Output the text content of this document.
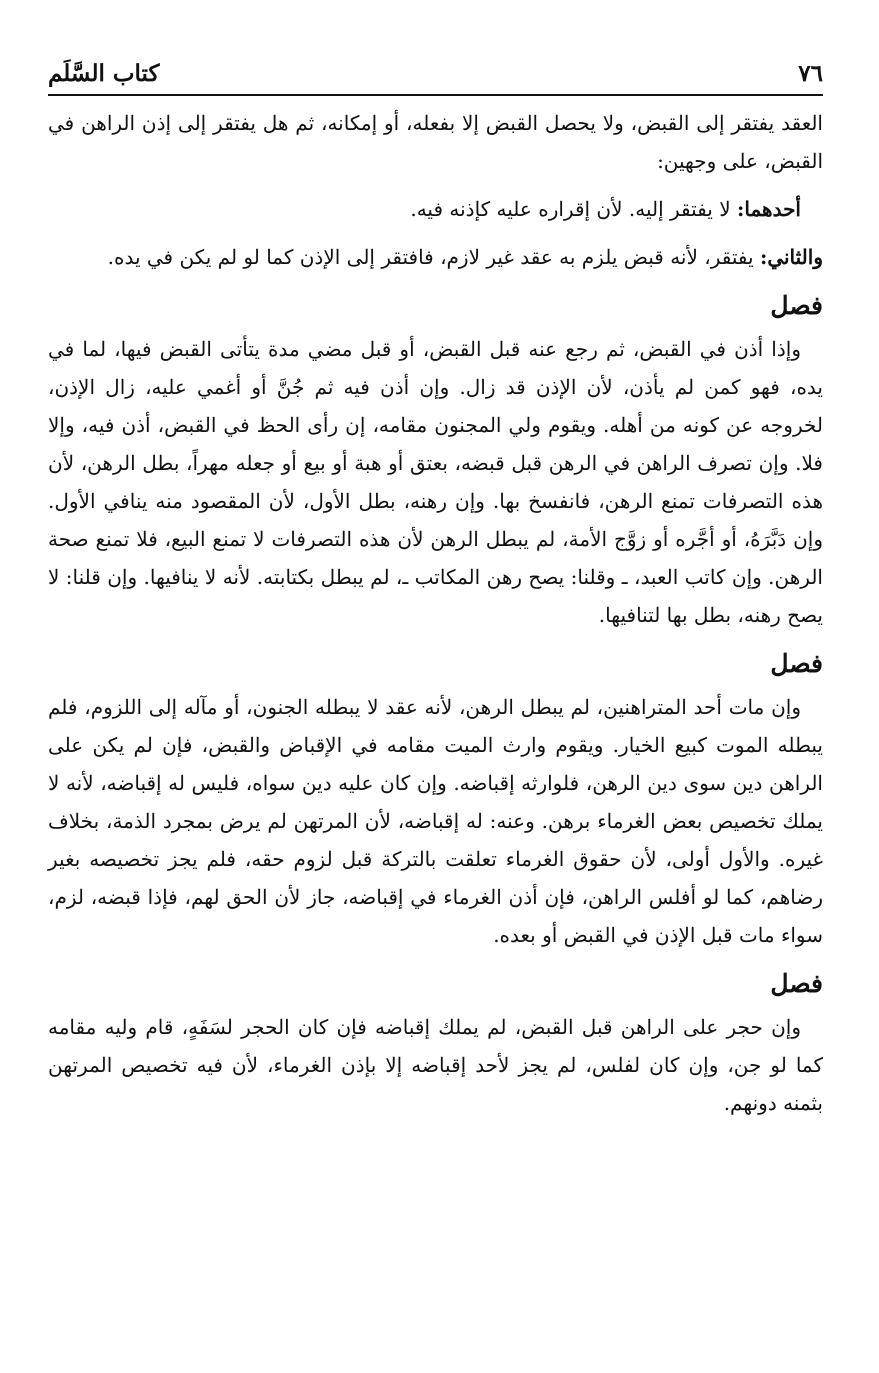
٧٦
كتاب السَّلَم

العقد يفتقر إلى القبض، ولا يحصل القبض إلا بفعله، أو إمكانه، ثم هل يفتقر إلى إذن الراهن في القبض، على وجهين:

أحدهما: لا يفتقر إليه. لأن إقراره عليه كإذنه فيه.

والثاني: يفتقر، لأنه قبض يلزم به عقد غير لازم، فافتقر إلى الإذن كما لو لم يكن في يده.

فصل

وإذا أذن في القبض، ثم رجع عنه قبل القبض، أو قبل مضي مدة يتأتى القبض فيها، لما في يده، فهو كمن لم يأذن، لأن الإذن قد زال. وإن أذن فيه ثم جُنَّ أو أغمي عليه، زال الإذن، لخروجه عن كونه من أهله. ويقوم ولي المجنون مقامه، إن رأى الحظ في القبض، أذن فيه، وإلا فلا. وإن تصرف الراهن في الرهن قبل قبضه، بعتق أو هبة أو بيع أو جعله مهراً، بطل الرهن، لأن هذه التصرفات تمنع الرهن، فانفسخ بها. وإن رهنه، بطل الأول، لأن المقصود منه ينافي الأول. وإن دَبَّرَهُ، أو أجَّره أو زوَّج الأمة، لم يبطل الرهن لأن هذه التصرفات لا تمنع البيع، فلا تمنع صحة الرهن. وإن كاتب العبد، ـ وقلنا: يصح رهن المكاتب ـ، لم يبطل بكتابته. لأنه لا ينافيها. وإن قلنا: لا يصح رهنه، بطل بها لتنافيها.

فصل

وإن مات أحد المتراهنين، لم يبطل الرهن، لأنه عقد لا يبطله الجنون، أو مآله إلى اللزوم، فلم يبطله الموت كبيع الخيار. ويقوم وارث الميت مقامه في الإقباض والقبض، فإن لم يكن على الراهن دين سوى دين الرهن، فلوارثه إقباضه. وإن كان عليه دين سواه، فليس له إقباضه، لأنه لا يملك تخصيص بعض الغرماء برهن. وعنه: له إقباضه، لأن المرتهن لم يرض بمجرد الذمة، بخلاف غيره. والأول أولى، لأن حقوق الغرماء تعلقت بالتركة قبل لزوم حقه، فلم يجز تخصيصه بغير رضاهم، كما لو أفلس الراهن، فإن أذن الغرماء في إقباضه، جاز لأن الحق لهم، فإذا قبضه، لزم، سواء مات قبل الإذن في القبض أو بعده.

فصل

وإن حجر على الراهن قبل القبض، لم يملك إقباضه فإن كان الحجر لسَفَهٍ، قام وليه مقامه كما لو جن، وإن كان لفلس، لم يجز لأحد إقباضه إلا بإذن الغرماء، لأن فيه تخصيص المرتهن بثمنه دونهم.
